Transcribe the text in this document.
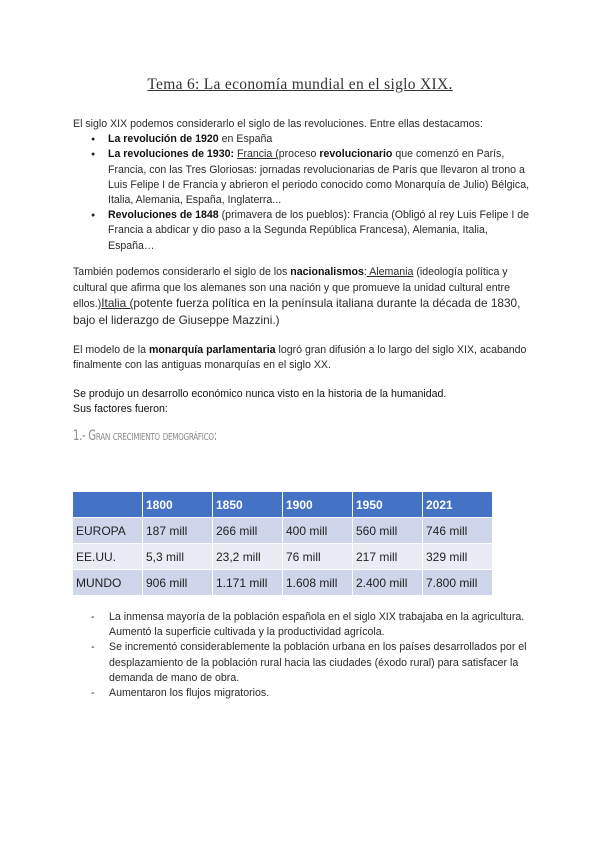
Tema 6: La economía mundial en el siglo XIX.
El siglo XIX podemos considerarlo el siglo de las revoluciones. Entre ellas destacamos:
● La revolución de 1920 en España
● La revoluciones de 1930: Francia (proceso revolucionario que comenzó en París, Francia, con las Tres Gloriosas: jornadas revolucionarias de París que llevaron al trono a Luis Felipe I de Francia y abrieron el periodo conocido como Monarquía de Julio) Bélgica, Italia, Alemania, España, Inglaterra...
● Revoluciones de 1848 (primavera de los pueblos): Francia (Obligó al rey Luis Felipe I de Francia a abdicar y dio paso a la Segunda República Francesa), Alemania, Italia, España…
También podemos considerarlo el siglo de los nacionalismos: Alemania (ideología política y cultural que afirma que los alemanes son una nación y que promueve la unidad cultural entre ellos.)Italia (potente fuerza política en la península italiana durante la década de 1830, bajo el liderazgo de Giuseppe Mazzini.)
El modelo de la monarquía parlamentaria logró gran difusión a lo largo del siglo XIX, acabando finalmente con las antiguas monarquías en el siglo XX.
Se produjo un desarrollo económico nunca visto en la historia de la humanidad.
Sus factores fueron:
1.- Gran crecimiento demográfico:
	1800	1850	1900	1950	2021
EUROPA	187 mill	266 mill	400 mill	560 mill	746 mill
EE.UU.	5,3 mill	23,2 mill	76 mill	217 mill	329 mill
MUNDO	906 mill	1.171 mill	1.608 mill	2.400 mill	7.800 mill
- La inmensa mayoría de la población española en el siglo XIX trabajaba en la agricultura. Aumentó la superficie cultivada y la productividad agrícola.
- Se incrementó considerablemente la población urbana en los países desarrollados por el desplazamiento de la población rural hacia las ciudades (éxodo rural) para satisfacer la demanda de mano de obra.
- Aumentaron los flujos migratorios.
